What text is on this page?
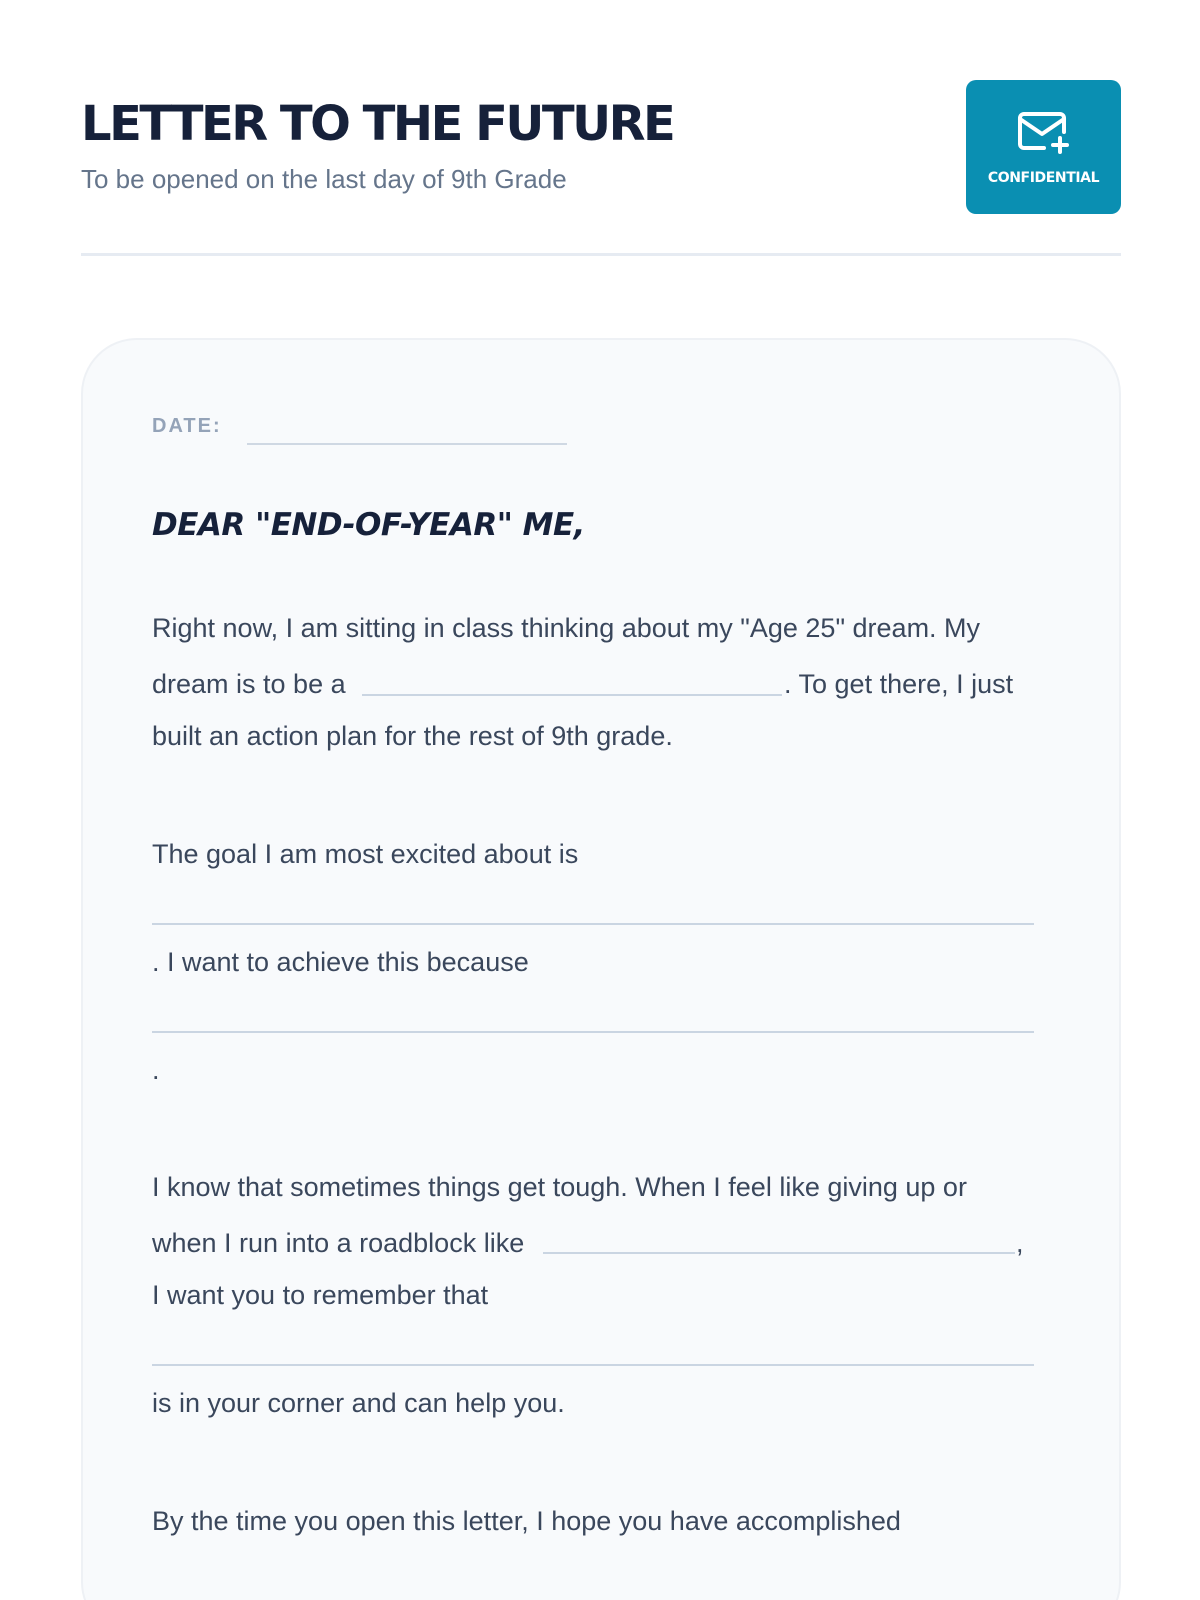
LETTER TO THE FUTURE
To be opened on the last day of 9th Grade	CONFIDENTIAL
DATE:
DEAR "END-OF-YEAR" ME,
Right now, I am sitting in class thinking about my "Age 25" dream. My
dream is to be a	. To get there, I just
built an action plan for the rest of 9th grade.
The goal I am most excited about is
. I want to achieve this because
.
I know that sometimes things get tough. When I feel like giving up or
when I run into a roadblock like	,
I want you to remember that
is in your corner and can help you.
By the time you open this letter, I hope you have accomplished
